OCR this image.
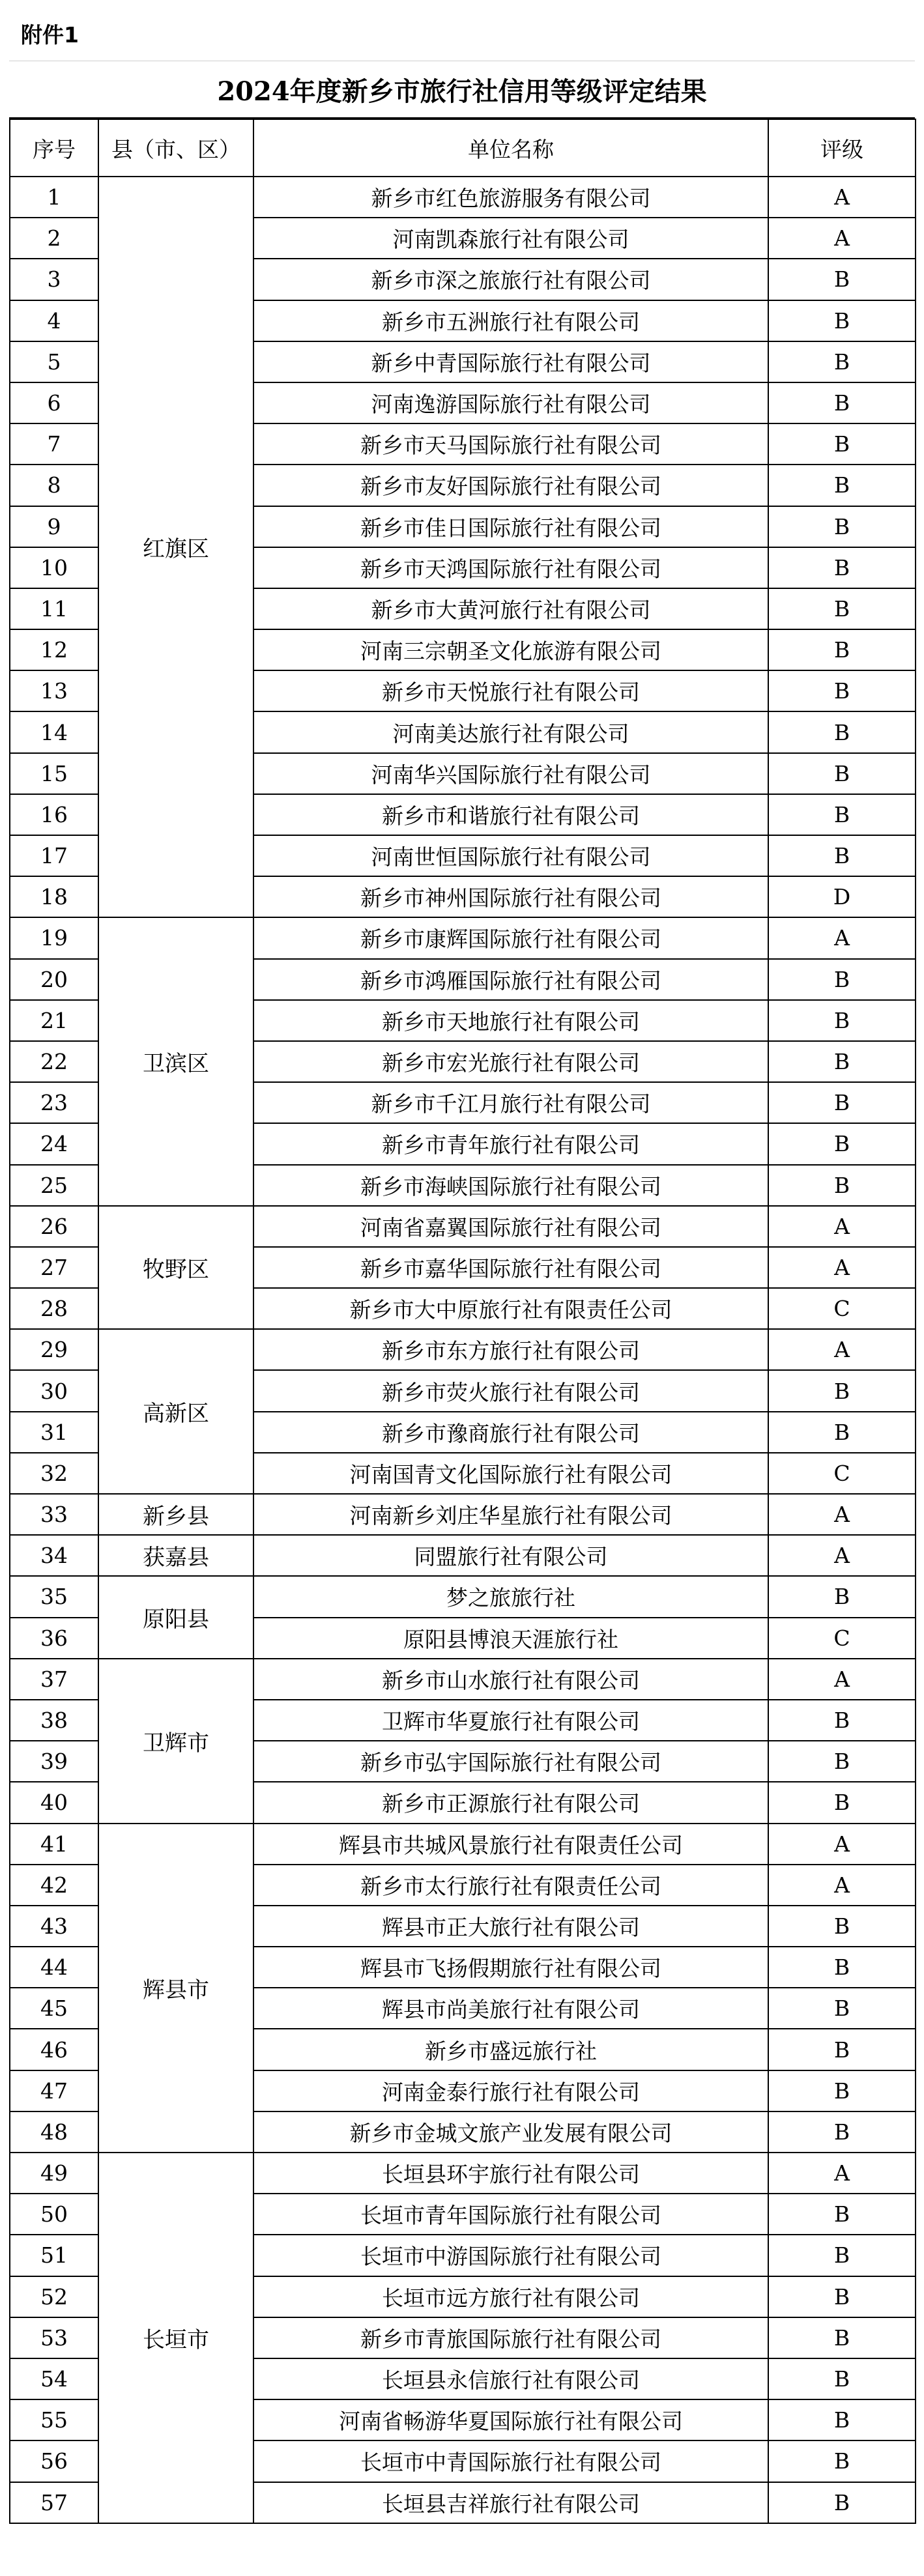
附件1
2024年度新乡市旅行社信用等级评定结果
序号	县（市、区）	单位名称	评级
1	红旗区	新乡市红色旅游服务有限公司	A
2		河南凯森旅行社有限公司	A
3		新乡市深之旅旅行社有限公司	B
4		新乡市五洲旅行社有限公司	B
5		新乡中青国际旅行社有限公司	B
6		河南逸游国际旅行社有限公司	B
7		新乡市天马国际旅行社有限公司	B
8		新乡市友好国际旅行社有限公司	B
9		新乡市佳日国际旅行社有限公司	B
10		新乡市天鸿国际旅行社有限公司	B
11		新乡市大黄河旅行社有限公司	B
12		河南三宗朝圣文化旅游有限公司	B
13		新乡市天悦旅行社有限公司	B
14		河南美达旅行社有限公司	B
15		河南华兴国际旅行社有限公司	B
16		新乡市和谐旅行社有限公司	B
17		河南世恒国际旅行社有限公司	B
18		新乡市神州国际旅行社有限公司	D
19	卫滨区	新乡市康辉国际旅行社有限公司	A
20		新乡市鸿雁国际旅行社有限公司	B
21		新乡市天地旅行社有限公司	B
22		新乡市宏光旅行社有限公司	B
23		新乡市千江月旅行社有限公司	B
24		新乡市青年旅行社有限公司	B
25		新乡市海峡国际旅行社有限公司	B
26	牧野区	河南省嘉翼国际旅行社有限公司	A
27		新乡市嘉华国际旅行社有限公司	A
28		新乡市大中原旅行社有限责任公司	C
29	高新区	新乡市东方旅行社有限公司	A
30		新乡市荧火旅行社有限公司	B
31		新乡市豫商旅行社有限公司	B
32		河南国青文化国际旅行社有限公司	C
33	新乡县	河南新乡刘庄华星旅行社有限公司	A
34	获嘉县	同盟旅行社有限公司	A
35	原阳县	梦之旅旅行社	B
36		原阳县博浪天涯旅行社	C
37	卫辉市	新乡市山水旅行社有限公司	A
38		卫辉市华夏旅行社有限公司	B
39		新乡市弘宇国际旅行社有限公司	B
40		新乡市正源旅行社有限公司	B
41	辉县市	辉县市共城风景旅行社有限责任公司	A
42		新乡市太行旅行社有限责任公司	A
43		辉县市正大旅行社有限公司	B
44		辉县市飞扬假期旅行社有限公司	B
45		辉县市尚美旅行社有限公司	B
46		新乡市盛远旅行社	B
47		河南金泰行旅行社有限公司	B
48		新乡市金城文旅产业发展有限公司	B
49	长垣市	长垣县环宇旅行社有限公司	A
50		长垣市青年国际旅行社有限公司	B
51		长垣市中游国际旅行社有限公司	B
52		长垣市远方旅行社有限公司	B
53		新乡市青旅国际旅行社有限公司	B
54		长垣县永信旅行社有限公司	B
55		河南省畅游华夏国际旅行社有限公司	B
56		长垣市中青国际旅行社有限公司	B
57		长垣县吉祥旅行社有限公司	B
